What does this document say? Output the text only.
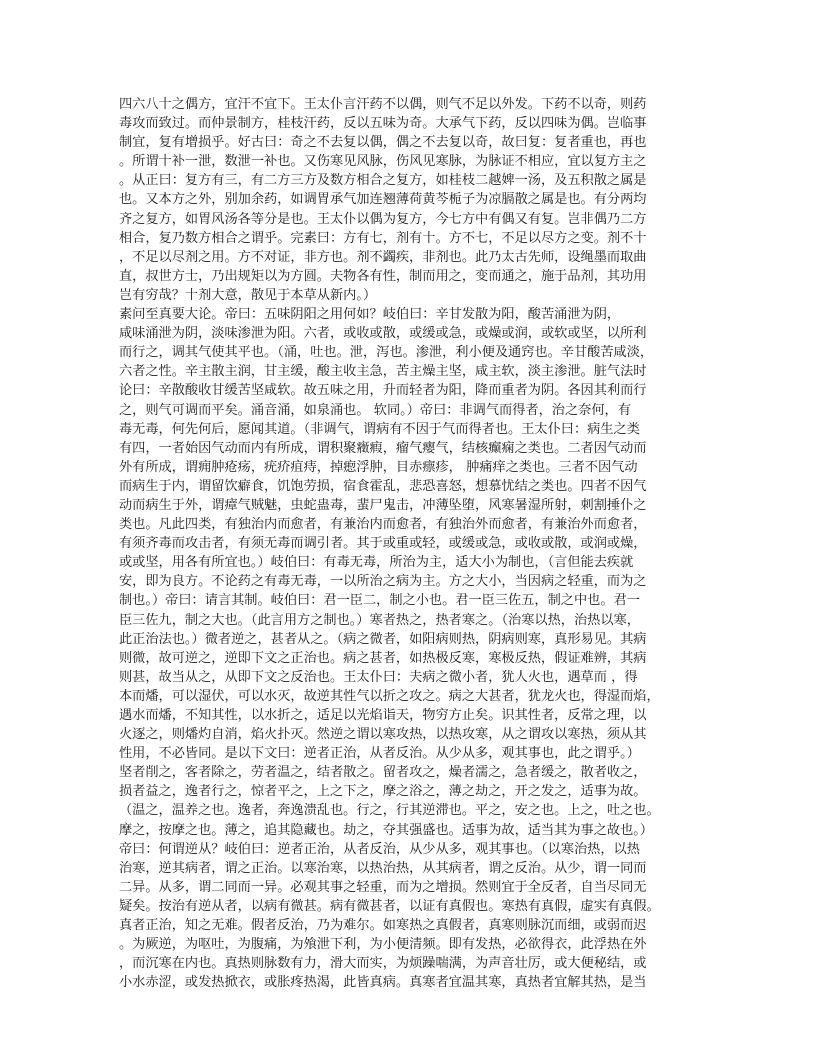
四六八十之偶方，宜汗不宜下。王太仆言汗药不以偶，则气不足以外发。下药不以奇，则药
毒攻而致过。而仲景制方，桂枝汗药，反以五味为奇。大承气下药，反以四味为偶。岂临事
制宜，复有增损乎。好古曰：奇之不去复以偶，偶之不去复以奇，故曰复：复者重也，再也
。所谓十补一泄，数泄一补也。又伤寒见风脉，伤风见寒脉，为脉证不相应，宜以复方主之
。从正曰：复方有三，有二方三方及数方相合之复方，如桂枝二越婢一汤，及五积散之属是
也。又本方之外，别加余药，如调胃承气加连翘薄荷黄芩栀子为凉膈散之属是也。有分两均
齐之复方，如胃风汤各等分是也。王太仆以偶为复方，今七方中有偶又有复。岂非偶乃二方
相合，复乃数方相合之谓乎。完素曰：方有七，剂有十。方不七，不足以尽方之变。剂不十
，不足以尽剂之用。方不对证，非方也。剂不蠲疾，非剂也。此乃太古先师，设绳墨而取曲
直，叔世方士，乃出规矩以为方圆。夫物各有性，制而用之，变而通之，施于品剂，其功用
岂有穷哉？十剂大意，散见于本草从新内。）
素问至真要大论。帝曰：五味阴阳之用何如？岐伯曰：辛甘发散为阳，酸苦涌泄为阴，
咸味涌泄为阴，淡味渗泄为阳。六者，或收或散，或缓或急，或燥或润，或软或坚，以所利
而行之，调其气使其平也。（涌，吐也。泄，泻也。渗泄，利小便及通窍也。辛甘酸苦咸淡，
六者之性。辛主散主润，甘主缓，酸主收主急，苦主燥主坚，咸主软，淡主渗泄。脏气法时
论曰：辛散酸收甘缓苦坚咸软。故五味之用，升而轻者为阳，降而重者为阴。各因其利而行
之，则气可调而平矣。涌音涌，如泉涌也。 软同。）帝曰：非调气而得者，治之奈何，有
毒无毒，何先何后，愿闻其道。（非调气，谓病有不因于气而得者也。王太仆曰：病生之类
有四，一者始因气动而内有所成，谓积聚癥瘕，瘤气瘿气，结核癫痫之类也。二者因气动而
外有所成，谓痈肿疮疡，疣疥疽痔，掉瘛浮肿，目赤瘭疹， 肿痛痒之类也。三者不因气动
而病生于内，谓留饮癖食，饥饱劳损，宿食霍乱，悲恐喜怒，想慕忧结之类也。四者不因气
动而病生于外，谓瘴气贼魅，虫蛇蛊毒，蜚尸鬼击，冲薄坠堕，风寒暑湿所射，刺割捶仆之
类也。凡此四类，有独治内而愈者，有兼治内而愈者，有独治外而愈者，有兼治外而愈者，
有须齐毒而攻击者，有须无毒而调引者。其于或重或轻，或缓或急，或收或散，或润或燥，
或或坚，用各有所宜也。）岐伯曰：有毒无毒，所治为主，适大小为制也，（言但能去疾就
安，即为良方。不论药之有毒无毒，一以所治之病为主。方之大小，当因病之轻重，而为之
制也。）帝曰：请言其制。岐伯曰：君一臣二，制之小也。君一臣三佐五，制之中也。君一
臣三佐九，制之大也。（此言用方之制也。）寒者热之，热者寒之。（治寒以热，治热以寒，
此正治法也。）微者逆之，甚者从之。（病之微者，如阳病则热，阴病则寒，真形易见。其病
则微，故可逆之，逆即下文之正治也。病之甚者，如热极反寒，寒极反热，假证难辨，其病
则甚，故当从之，从即下文之反治也。王太仆曰：夫病之微小者，犹人火也，遇草而 ，得
本而燔，可以湿伏，可以水灭，故逆其性气以折之攻之。病之大甚者，犹龙火也，得湿而焰，
遇水而燔，不知其性，以水折之，适足以光焰诣天，物穷方止矣。识其性者，反常之理，以
火逐之，则燔灼自消，焰火扑灭。然逆之谓以寒攻热，以热攻寒，从之谓攻以寒热，须从其
性用，不必皆同。是以下文曰：逆者正治，从者反治。从少从多，观其事也，此之谓乎。）
坚者削之，客者除之，劳者温之，结者散之。留者攻之，燥者濡之，急者缓之，散者收之，
损者益之，逸者行之，惊者平之，上之下之，摩之浴之，薄之劫之，开之发之，适事为故。
（温之，温养之也。逸者，奔逸溃乱也。行之，行其逆滞也。平之，安之也。上之，吐之也。
摩之，按摩之也。薄之，追其隐藏也。劫之，夺其强盛也。适事为故，适当其为事之故也。）
帝曰：何谓逆从？岐伯曰：逆者正治，从者反治，从少从多，观其事也。（以寒治热，以热
治寒，逆其病者，谓之正治。以寒治寒，以热治热，从其病者，谓之反治。从少，谓一同而
二异。从多，谓二同而一异。必观其事之轻重，而为之增损。然则宜于全反者，自当尽同无
疑矣。按治有逆从者，以病有微甚。病有微甚者，以证有真假也。寒热有真假，虚实有真假。
真者正治，知之无难。假者反治，乃为难尔。如寒热之真假者，真寒则脉沉而细，或弱而迟
。为厥逆，为呕吐，为腹痛，为飧泄下利，为小便清频。即有发热，必欲得衣，此浮热在外
，而沉寒在内也。真热则脉数有力，滑大而实，为烦躁喘满，为声音壮厉，或大便秘结，或
小水赤涩，或发热掀衣，或胀疼热渴，此皆真病。真寒者宜温其寒，真热者宜解其热，是当
